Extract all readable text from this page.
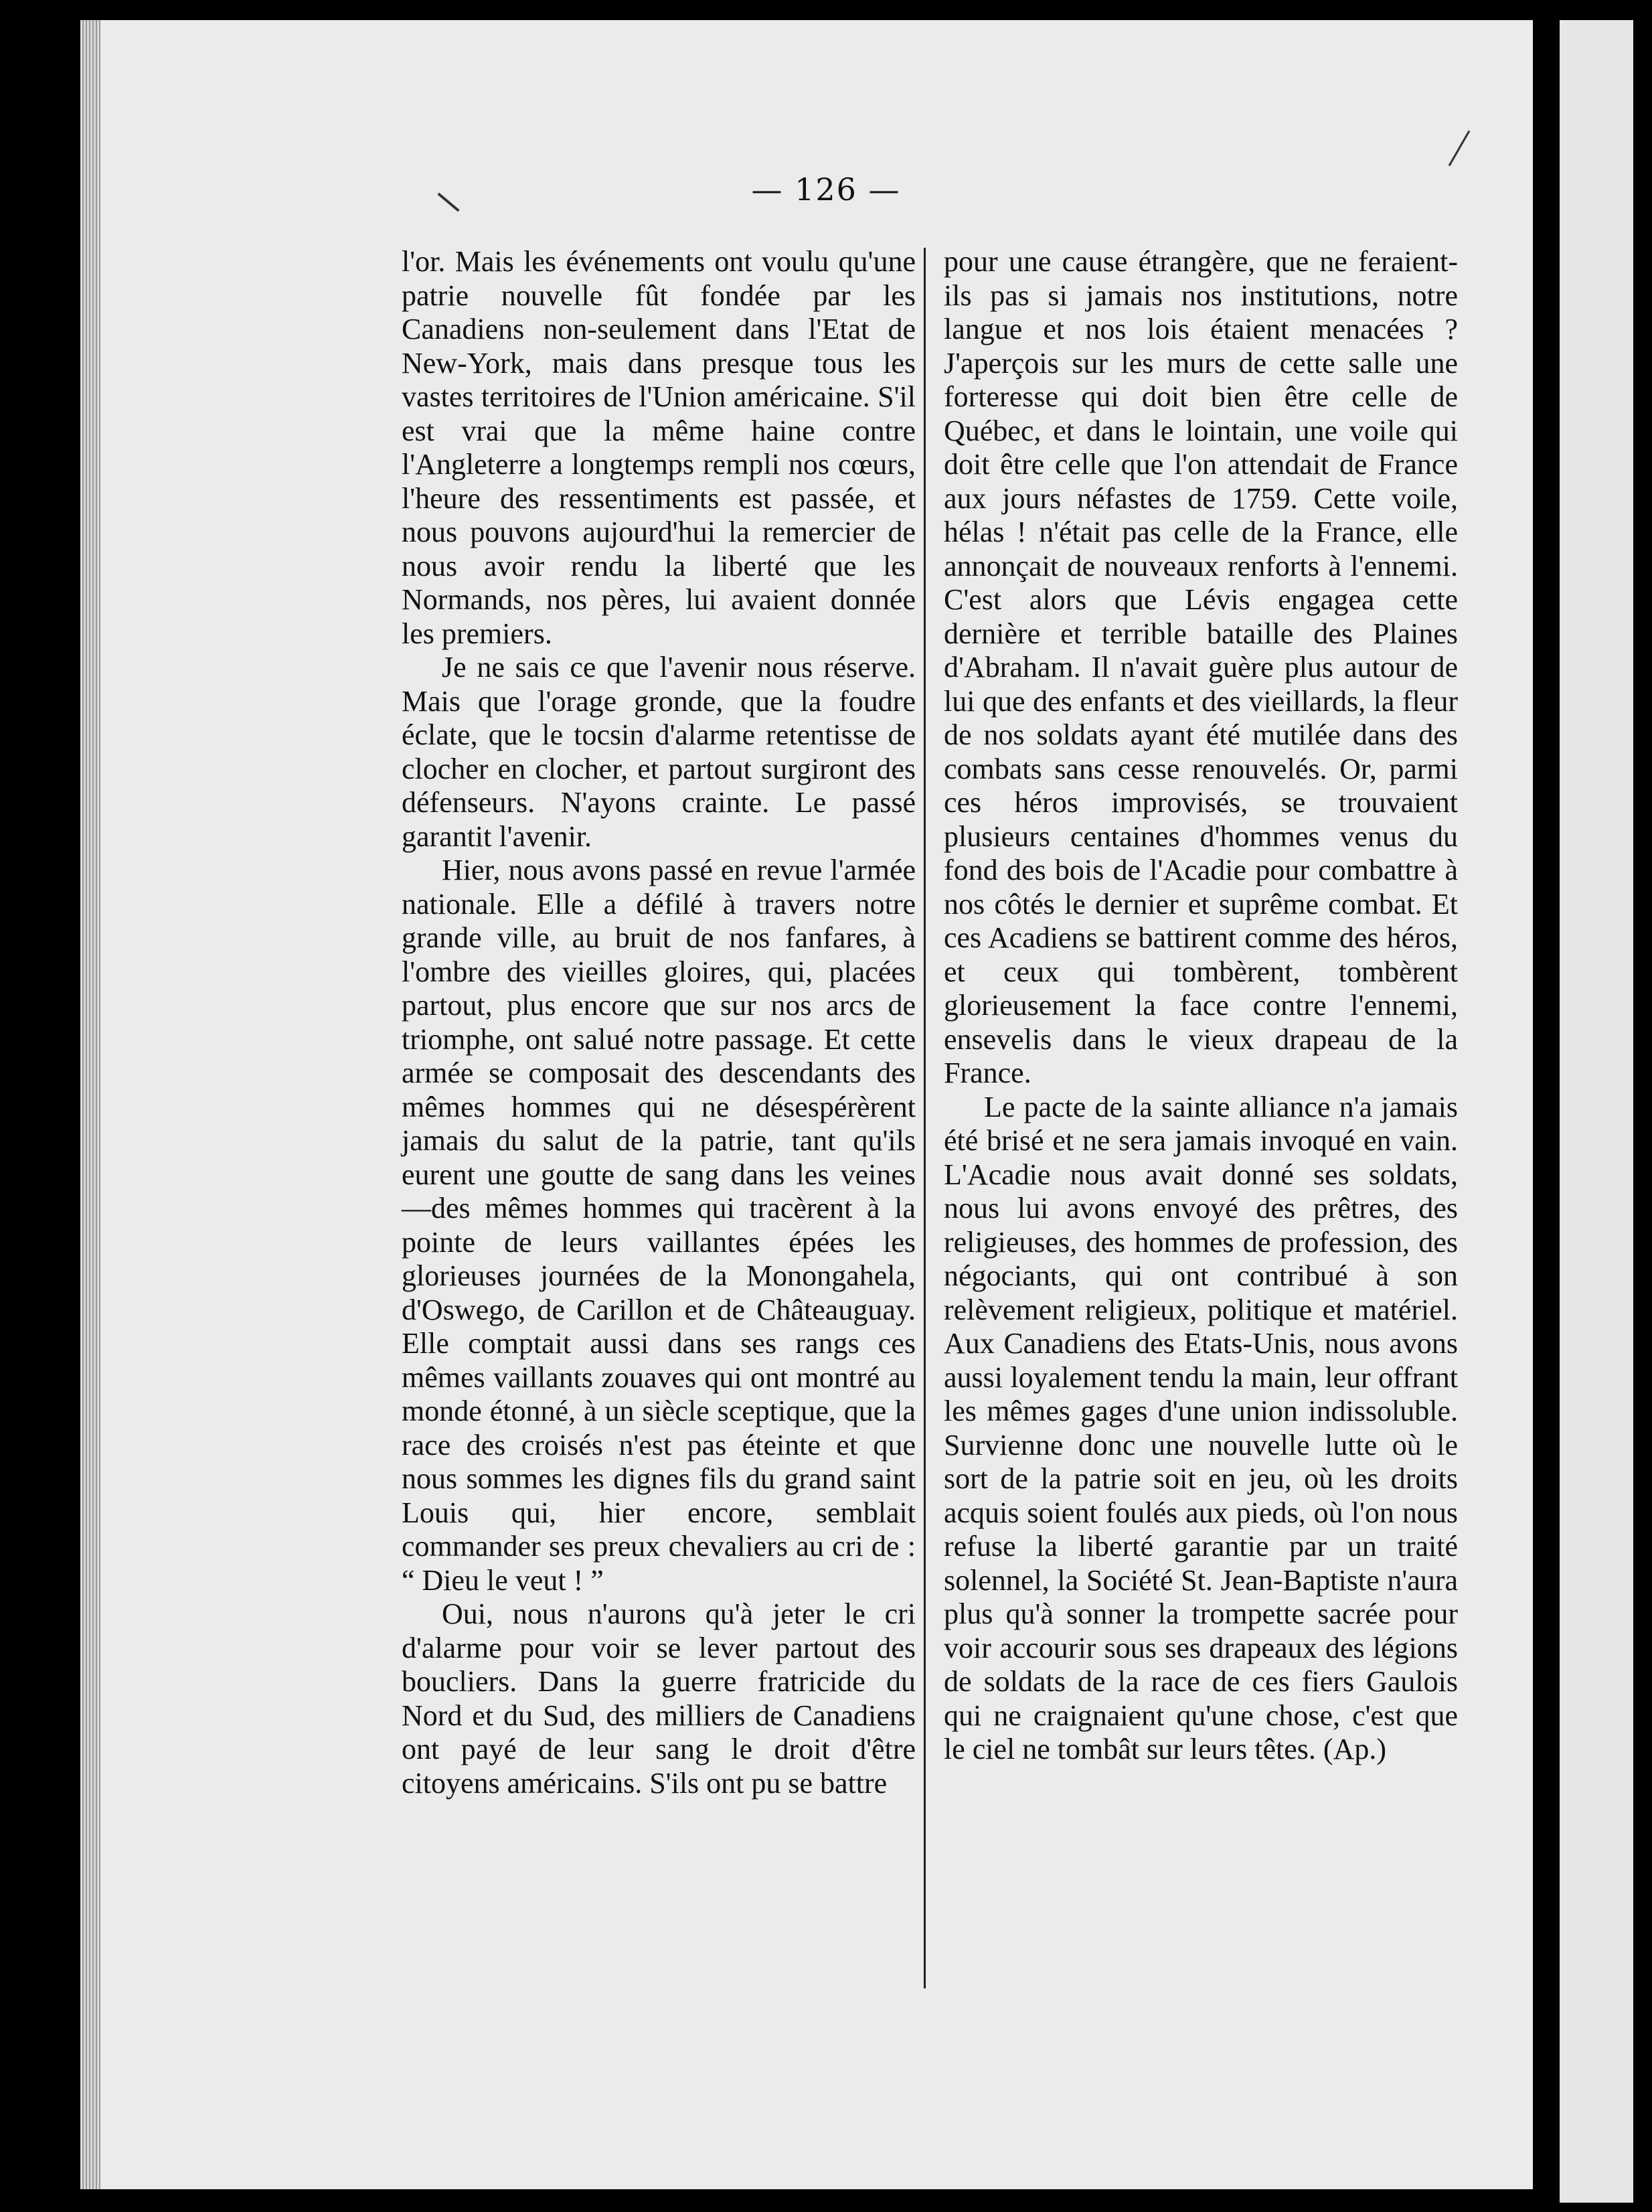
— 126 —

l'or. Mais les événements ont voulu qu'une patrie nouvelle fût fondée par les Canadiens non-seulement dans l'Etat de New-York, mais dans presque tous les vastes territoires de l'Union américaine. S'il est vrai que la même haine contre l'Angleterre a longtemps rempli nos cœurs, l'heure des ressentiments est passée, et nous pouvons aujourd'hui la remercier de nous avoir rendu la liberté que les Normands, nos pères, lui avaient donnée les premiers.

Je ne sais ce que l'avenir nous réserve. Mais que l'orage gronde, que la foudre éclate, que le tocsin d'alarme retentisse de clocher en clocher, et partout surgiront des défenseurs. N'ayons crainte. Le passé garantit l'avenir.

Hier, nous avons passé en revue l'armée nationale. Elle a défilé à travers notre grande ville, au bruit de nos fanfares, à l'ombre des vieilles gloires, qui, placées partout, plus encore que sur nos arcs de triomphe, ont salué notre passage. Et cette armée se composait des descendants des mêmes hommes qui ne désespérèrent jamais du salut de la patrie, tant qu'ils eurent une goutte de sang dans les veines—des mêmes hommes qui tracèrent à la pointe de leurs vaillantes épées les glorieuses journées de la Monongahela, d'Oswego, de Carillon et de Châteauguay. Elle comptait aussi dans ses rangs ces mêmes vaillants zouaves qui ont montré au monde étonné, à un siècle sceptique, que la race des croisés n'est pas éteinte et que nous sommes les dignes fils du grand saint Louis qui, hier encore, semblait commander ses preux chevaliers au cri de : “ Dieu le veut ! ”

Oui, nous n'aurons qu'à jeter le cri d'alarme pour voir se lever partout des boucliers. Dans la guerre fratricide du Nord et du Sud, des milliers de Canadiens ont payé de leur sang le droit d'être citoyens américains. S'ils ont pu se battre

pour une cause étrangère, que ne feraient-ils pas si jamais nos institutions, notre langue et nos lois étaient menacées ? J'aperçois sur les murs de cette salle une forteresse qui doit bien être celle de Québec, et dans le lointain, une voile qui doit être celle que l'on attendait de France aux jours néfastes de 1759. Cette voile, hélas ! n'était pas celle de la France, elle annonçait de nouveaux renforts à l'ennemi. C'est alors que Lévis engagea cette dernière et terrible bataille des Plaines d'Abraham. Il n'avait guère plus autour de lui que des enfants et des vieillards, la fleur de nos soldats ayant été mutilée dans des combats sans cesse renouvelés. Or, parmi ces héros improvisés, se trouvaient plusieurs centaines d'hommes venus du fond des bois de l'Acadie pour combattre à nos côtés le dernier et suprême combat. Et ces Acadiens se battirent comme des héros, et ceux qui tombèrent, tombèrent glorieusement la face contre l'ennemi, ensevelis dans le vieux drapeau de la France.

Le pacte de la sainte alliance n'a jamais été brisé et ne sera jamais invoqué en vain. L'Acadie nous avait donné ses soldats, nous lui avons envoyé des prêtres, des religieuses, des hommes de profession, des négociants, qui ont contribué à son relèvement religieux, politique et matériel. Aux Canadiens des Etats-Unis, nous avons aussi loyalement tendu la main, leur offrant les mêmes gages d'une union indissoluble. Survienne donc une nouvelle lutte où le sort de la patrie soit en jeu, où les droits acquis soient foulés aux pieds, où l'on nous refuse la liberté garantie par un traité solennel, la Société St. Jean-Baptiste n'aura plus qu'à sonner la trompette sacrée pour voir accourir sous ses drapeaux des légions de soldats de la race de ces fiers Gaulois qui ne craignaient qu'une chose, c'est que le ciel ne tombât sur leurs têtes. (Ap.)
